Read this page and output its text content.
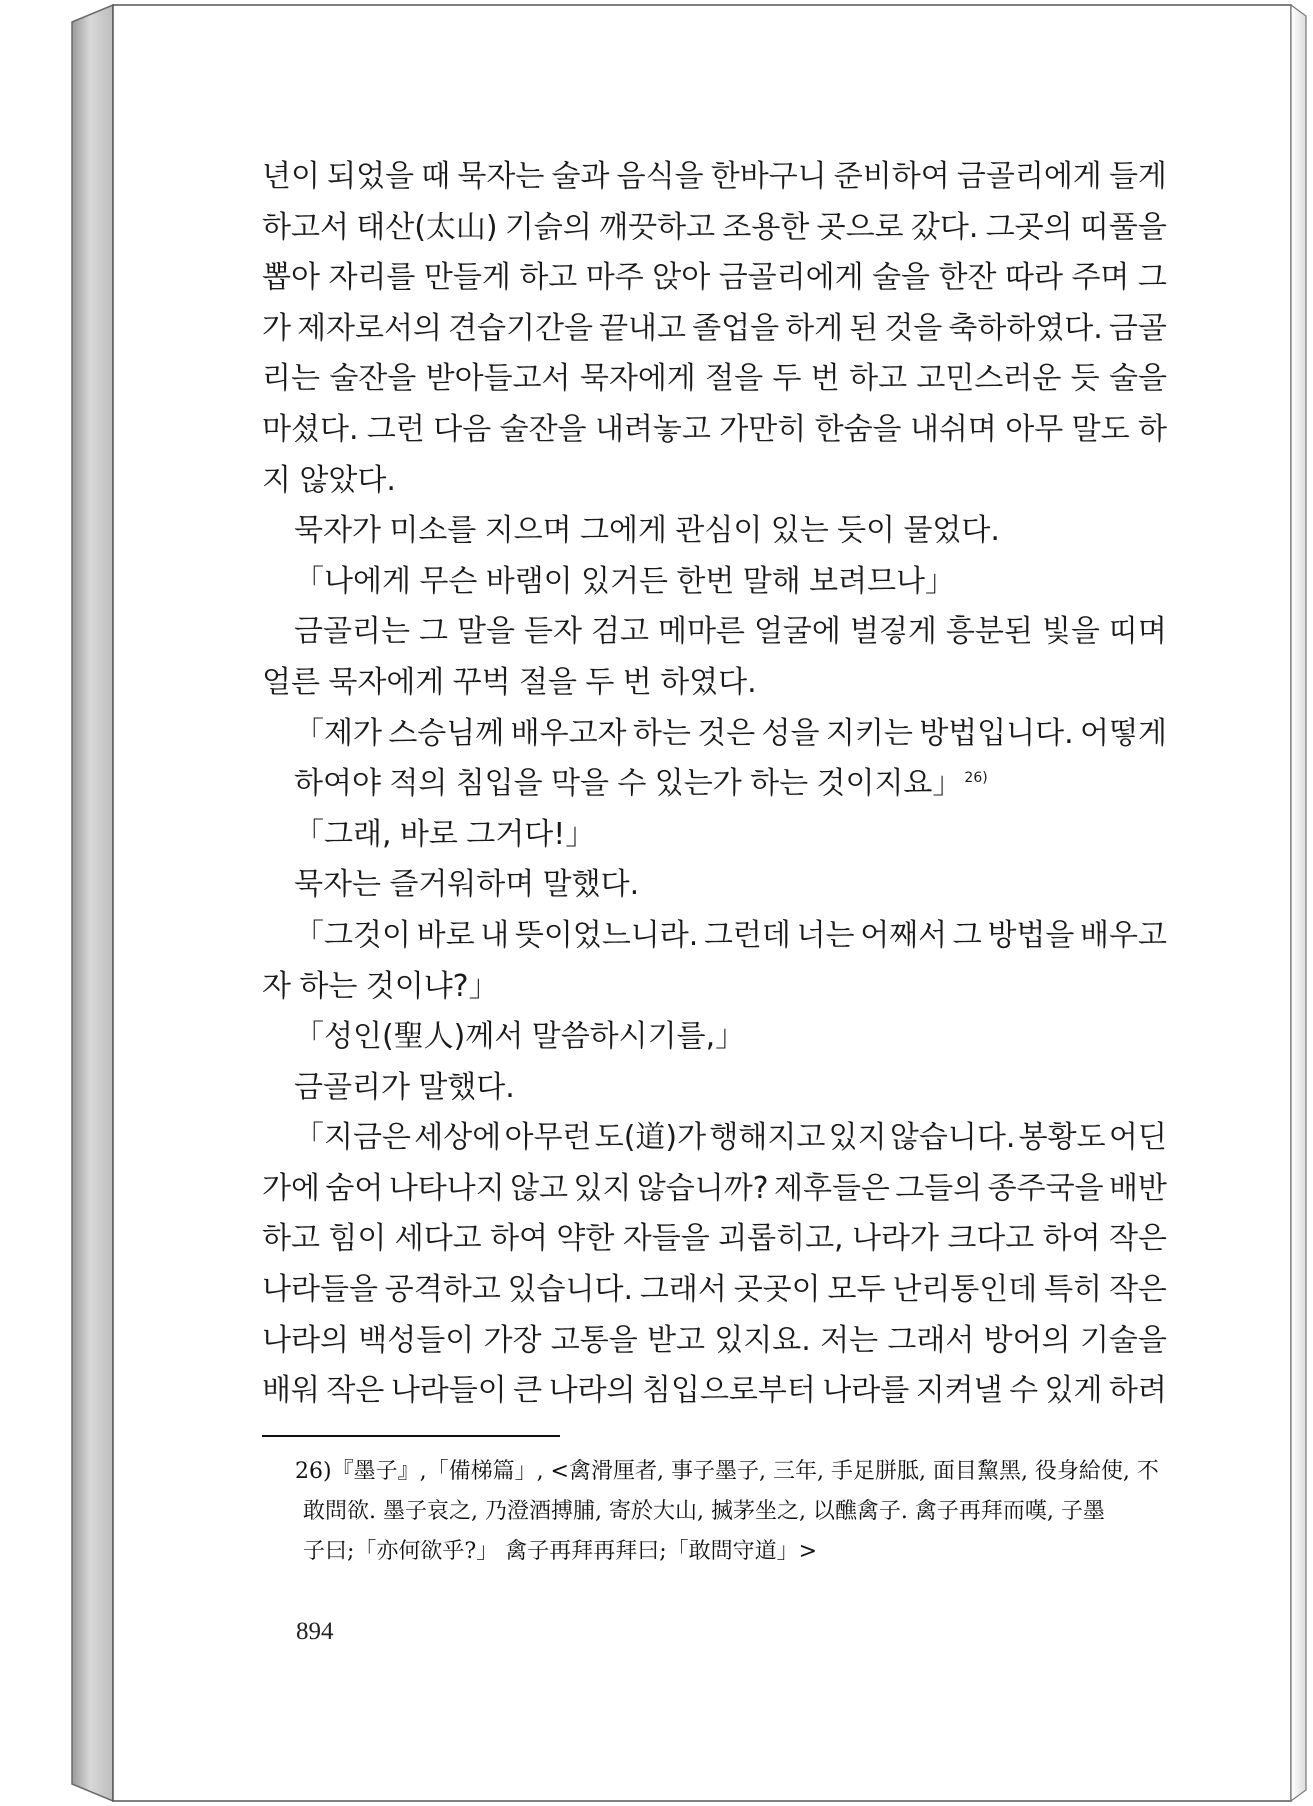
년이 되었을 때 묵자는 술과 음식을 한바구니 준비하여 금골리에게 들게
하고서 태산(太山) 기슭의 깨끗하고 조용한 곳으로 갔다. 그곳의 띠풀을
뽑아 자리를 만들게 하고 마주 앉아 금골리에게 술을 한잔 따라 주며 그
가 제자로서의 견습기간을 끝내고 졸업을 하게 된 것을 축하하였다. 금골
리는 술잔을 받아들고서 묵자에게 절을 두 번 하고 고민스러운 듯 술을
마셨다. 그런 다음 술잔을 내려놓고 가만히 한숨을 내쉬며 아무 말도 하
지 않았다.
묵자가 미소를 지으며 그에게 관심이 있는 듯이 물었다.
「나에게 무슨 바램이 있거든 한번 말해 보려므나」
금골리는 그 말을 듣자 검고 메마른 얼굴에 벌겋게 흥분된 빛을 띠며
얼른 묵자에게 꾸벅 절을 두 번 하였다.
「제가 스승님께 배우고자 하는 것은 성을 지키는 방법입니다. 어떻게
하여야 적의 침입을 막을 수 있는가 하는 것이지요」 $^{26)}$
「그래, 바로 그거다!」
묵자는 즐거워하며 말했다.
「그것이 바로 내 뜻이었느니라. 그런데 너는 어째서 그 방법을 배우고
자 하는 것이냐?」
「성인(聖人)께서 말씀하시기를,」
금골리가 말했다.
「지금은 세상에 아무런 도(道)가 행해지고 있지 않습니다. 봉황도 어딘
가에 숨어 나타나지 않고 있지 않습니까? 제후들은 그들의 종주국을 배반
하고 힘이 세다고 하여 약한 자들을 괴롭히고, 나라가 크다고 하여 작은
나라들을 공격하고 있습니다. 그래서 곳곳이 모두 난리통인데 특히 작은
나라의 백성들이 가장 고통을 받고 있지요. 저는 그래서 방어의 기술을
배워 작은 나라들이 큰 나라의 침입으로부터 나라를 지켜낼 수 있게 하려
26)『墨子』,「備梯篇」, <禽滑厘者, 事子墨子, 三年, 手足胼胝, 面目黧黑, 役身給使, 不
敢問欲. 墨子哀之, 乃澄酒搏脯, 寄於大山, 搣茅坐之, 以醮禽子. 禽子再拜而嘆, 子墨
子曰;「亦何欲乎?」 禽子再拜再拜曰;「敢問守道」>
894
